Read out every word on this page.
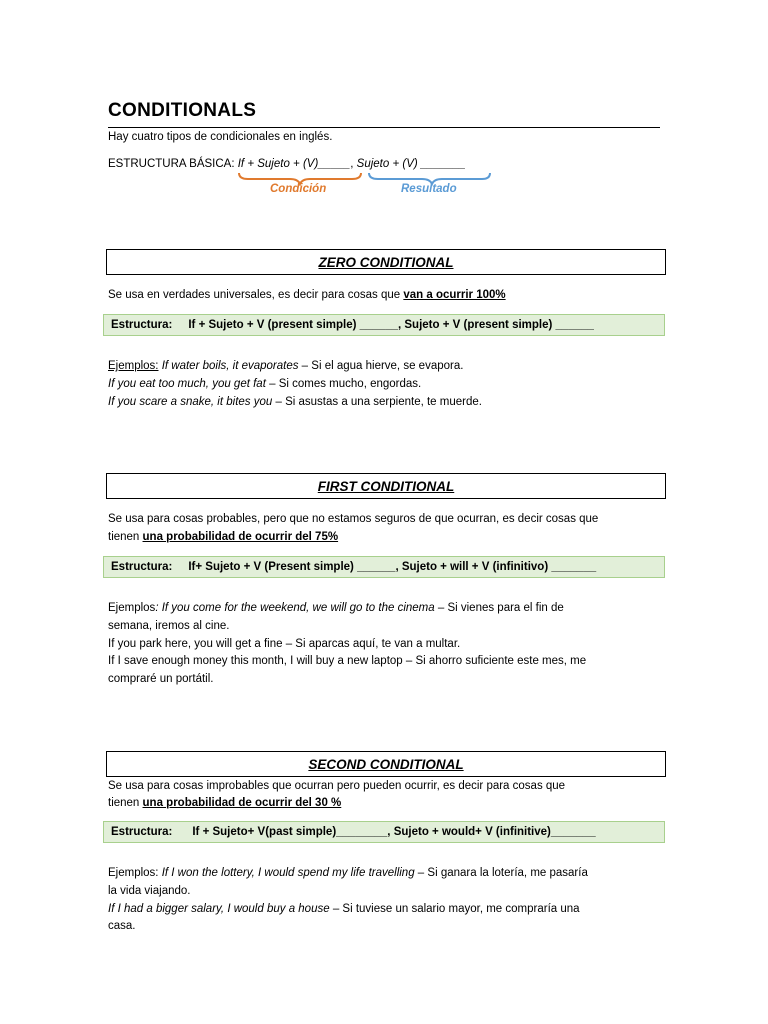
CONDITIONALS
Hay cuatro tipos de condicionales en inglés.
ESTRUCTURA BÁSICA: If + Sujeto + (V)_____, Sujeto + (V) _______
Condición	Resultado
ZERO CONDITIONAL
Se usa en verdades universales, es decir para cosas que van a ocurrir 100%
Estructura:	If + Sujeto + V (present simple) ______, Sujeto + V (present simple) ______
Ejemplos: If water boils, it evaporates – Si el agua hierve, se evapora.
If you eat too much, you get fat – Si comes mucho, engordas.
If you scare a snake, it bites you – Si asustas a una serpiente, te muerde.
FIRST CONDITIONAL
Se usa para cosas probables, pero que no estamos seguros de que ocurran, es decir cosas que
tienen una probabilidad de ocurrir del 75%
Estructura:	If+ Sujeto + V (Present simple) ______, Sujeto + will + V (infinitivo) _______
Ejemplos: If you come for the weekend, we will go to the cinema – Si vienes para el fin de
semana, iremos al cine.
If you park here, you will get a fine – Si aparcas aquí, te van a multar.
If I save enough money this month, I will buy a new laptop – Si ahorro suficiente este mes, me
compraré un portátil.
SECOND CONDITIONAL
Se usa para cosas improbables que ocurran pero pueden ocurrir, es decir para cosas que
tienen una probabilidad de ocurrir del 30 %
Estructura:	If + Sujeto+ V(past simple)________, Sujeto + would+ V (infinitive)_______
Ejemplos: If I won the lottery, I would spend my life travelling – Si ganara la lotería, me pasaría
la vida viajando.
If I had a bigger salary, I would buy a house – Si tuviese un salario mayor, me compraría una
casa.
